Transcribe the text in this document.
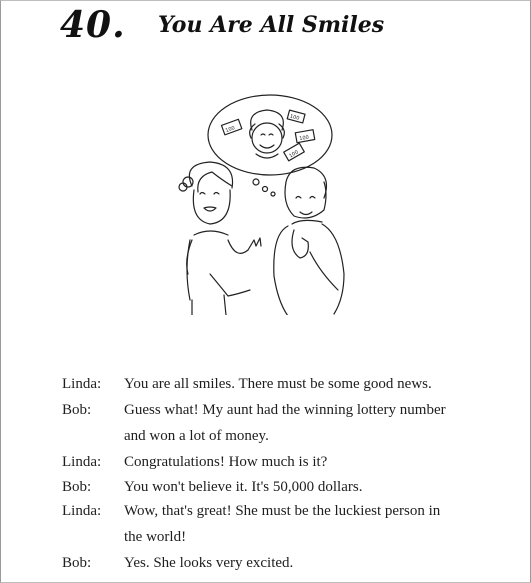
40. You Are All Smiles
100
100
100
100
Linda: You are all smiles. There must be some good news.
Bob: Guess what! My aunt had the winning lottery number
and won a lot of money.
Linda: Congratulations! How much is it?
Bob: You won't believe it. It's 50,000 dollars.
Linda: Wow, that's great! She must be the luckiest person in
the world!
Bob: Yes. She looks very excited.
